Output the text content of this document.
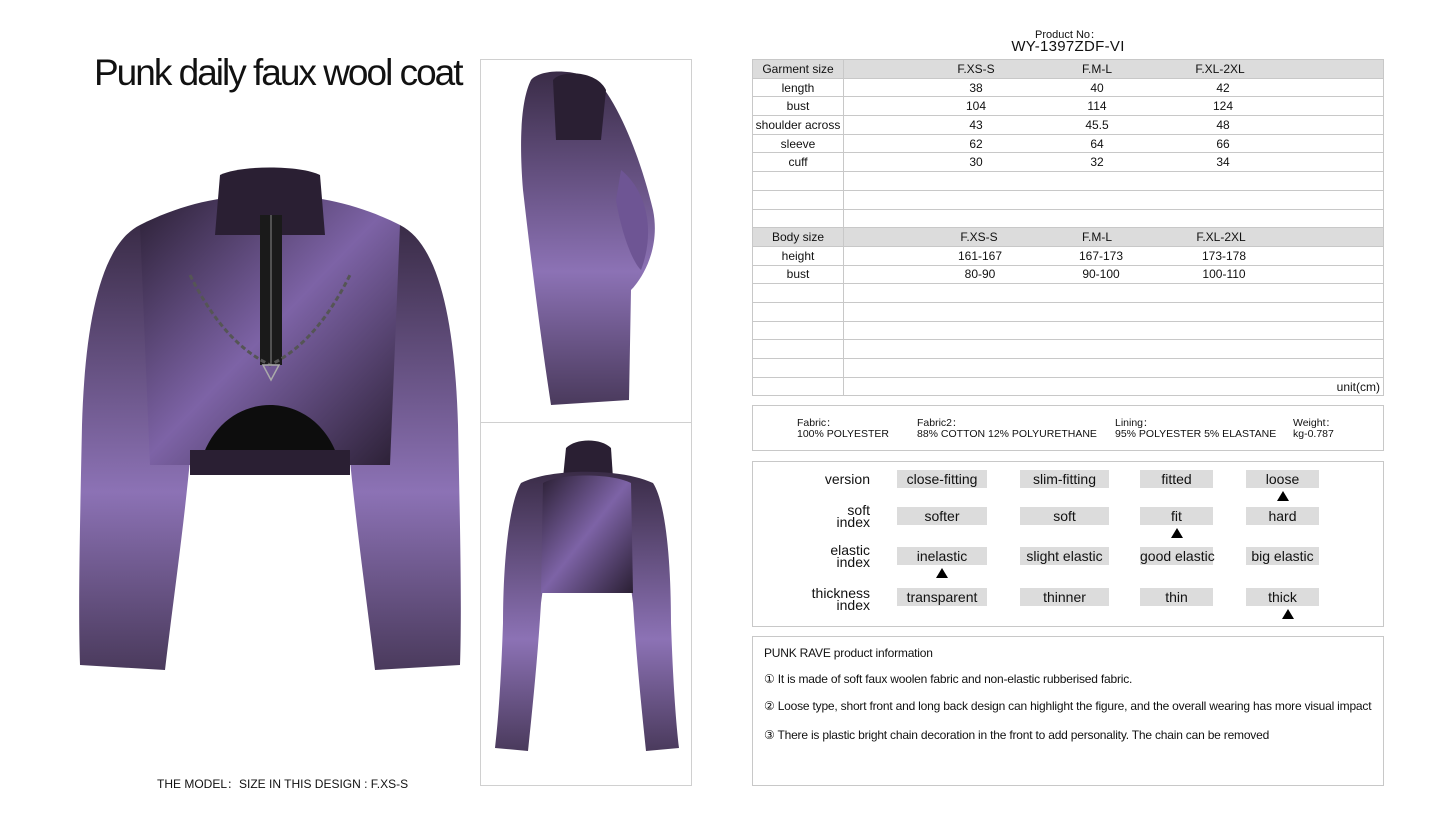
Punk daily faux wool coat
THE MODEL：SIZE IN THIS DESIGN : F.XS-S
Product No：
WY-1397ZDF-VI
Garment size	F.XS-S F.M-L F.XL-2XL

length	38 40 42

bust	104 114 124

shoulder across	43 45.5 48

sleeve	62 64 66

cuff	30 32 34

Body size	F.XS-S F.M-L F.XL-2XL

height	161-167 167-173 173-178

bust	80-90 90-100 100-110

	unit(cm)
Fabric：
100% POLYESTER
Fabric2：
88% COTTON 12% POLYURETHANE
Lining：
95% POLYESTER 5% ELASTANE
Weight：
kg-0.787
version	close-fitting	slim-fitting	fitted	loose
soft
index	softer	soft	fit	hard
elastic
index	inelastic	slight elastic	good elastic	big elastic
thickness
index	transparent	thinner	thin	thick
PUNK RAVE product information
① It is made of soft faux woolen fabric and non-elastic rubberised fabric.
② Loose type, short front and long back design can highlight the figure, and the overall wearing has more visual impact
③ There is plastic bright chain decoration in the front to add personality. The chain can be removed
